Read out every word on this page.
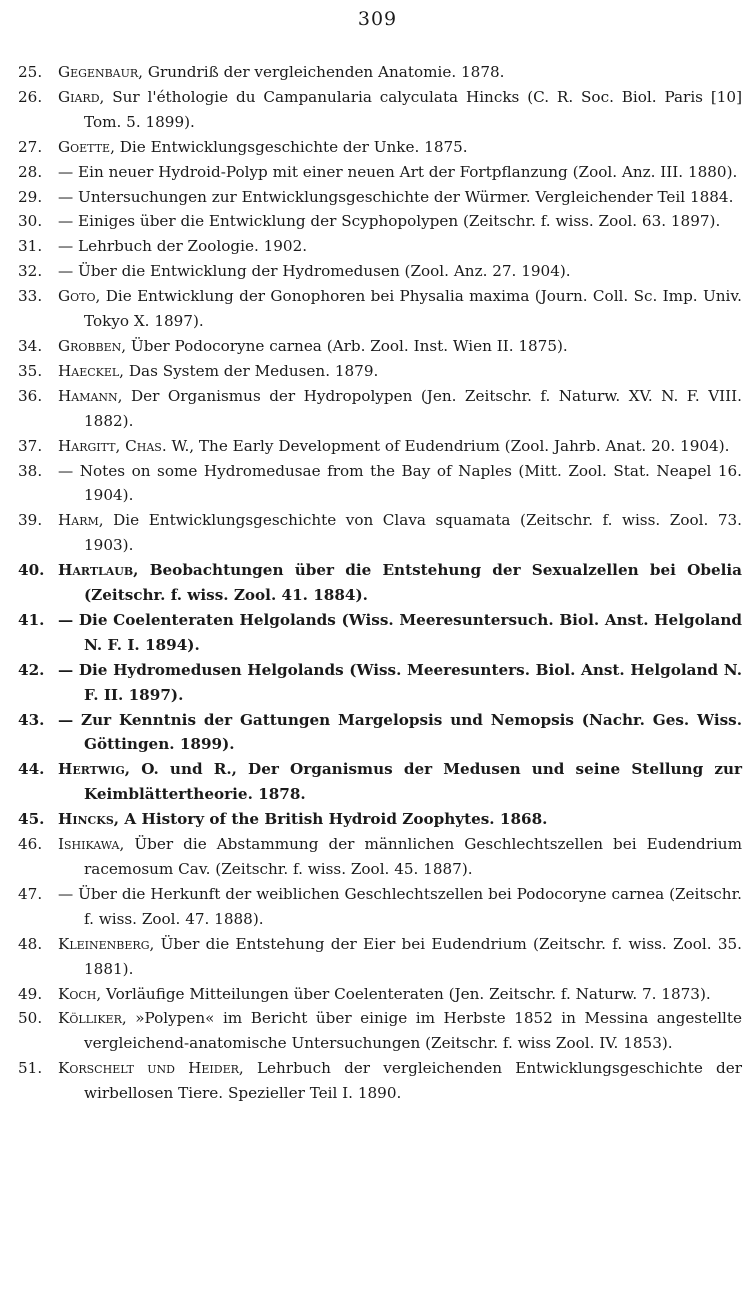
309
25.	Gegenbaur, Grundriß der vergleichenden Anatomie. 1878.
26.	Giard, Sur l'éthologie du Campanularia calyculata Hincks (C. R. Soc. Biol. Paris [10] Tom. 5. 1899).
27.	Goette, Die Entwicklungsgeschichte der Unke. 1875.
28.	— Ein neuer Hydroid-Polyp mit einer neuen Art der Fortpflanzung (Zool. Anz. III. 1880).
29.	— Untersuchungen zur Entwicklungsgeschichte der Würmer. Vergleichender Teil 1884.
30.	— Einiges über die Entwicklung der Scyphopolypen (Zeitschr. f. wiss. Zool. 63. 1897).
31.	— Lehrbuch der Zoologie. 1902.
32.	— Über die Entwicklung der Hydromedusen (Zool. Anz. 27. 1904).
33.	Goto, Die Entwicklung der Gonophoren bei Physalia maxima (Journ. Coll. Sc. Imp. Univ. Tokyo X. 1897).
34.	Grobben, Über Podocoryne carnea (Arb. Zool. Inst. Wien II. 1875).
35.	Haeckel, Das System der Medusen. 1879.
36.	Hamann, Der Organismus der Hydropolypen (Jen. Zeitschr. f. Naturw. XV. N. F. VIII. 1882).
37.	Hargitt, Chas. W., The Early Development of Eudendrium (Zool. Jahrb. Anat. 20. 1904).
38.	— Notes on some Hydromedusae from the Bay of Naples (Mitt. Zool. Stat. Neapel 16. 1904).
39.	Harm, Die Entwicklungsgeschichte von Clava squamata (Zeitschr. f. wiss. Zool. 73. 1903).
40. Hartlaub, Beobachtungen über die Entstehung der Sexualzellen bei Obelia (Zeitschr. f. wiss. Zool. 41. 1884).
41. — Die Coelenteraten Helgolands (Wiss. Meeresuntersuch. Biol. Anst. Helgoland N. F. I. 1894).
42. — Die Hydromedusen Helgolands (Wiss. Meeresunters. Biol. Anst. Helgoland N. F. II. 1897).
43. — Zur Kenntnis der Gattungen Margelopsis und Nemopsis (Nachr. Ges. Wiss. Göttingen. 1899).
44. Hertwig, O. und R., Der Organismus der Medusen und seine Stellung zur Keimblättertheorie. 1878.
45. Hincks, A History of the British Hydroid Zoophytes. 1868.
46.	Ishikawa, Über die Abstammung der männlichen Geschlechtszellen bei Eudendrium racemosum Cav. (Zeitschr. f. wiss. Zool. 45. 1887).
47.	— Über die Herkunft der weiblichen Geschlechtszellen bei Podocoryne carnea (Zeitschr. f. wiss. Zool. 47. 1888).
48.	Kleinenberg, Über die Entstehung der Eier bei Eudendrium (Zeitschr. f. wiss. Zool. 35. 1881).
49.	Koch, Vorläufige Mitteilungen über Coelenteraten (Jen. Zeitschr. f. Naturw. 7. 1873).
50.	Kölliker, »Polypen« im Bericht über einige im Herbste 1852 in Messina angestellte vergleichend-anatomische Untersuchungen (Zeitschr. f. wiss Zool. IV. 1853).
51.	Korschelt und Heider, Lehrbuch der vergleichenden Entwicklungsgeschichte der wirbellosen Tiere. Spezieller Teil I. 1890.
